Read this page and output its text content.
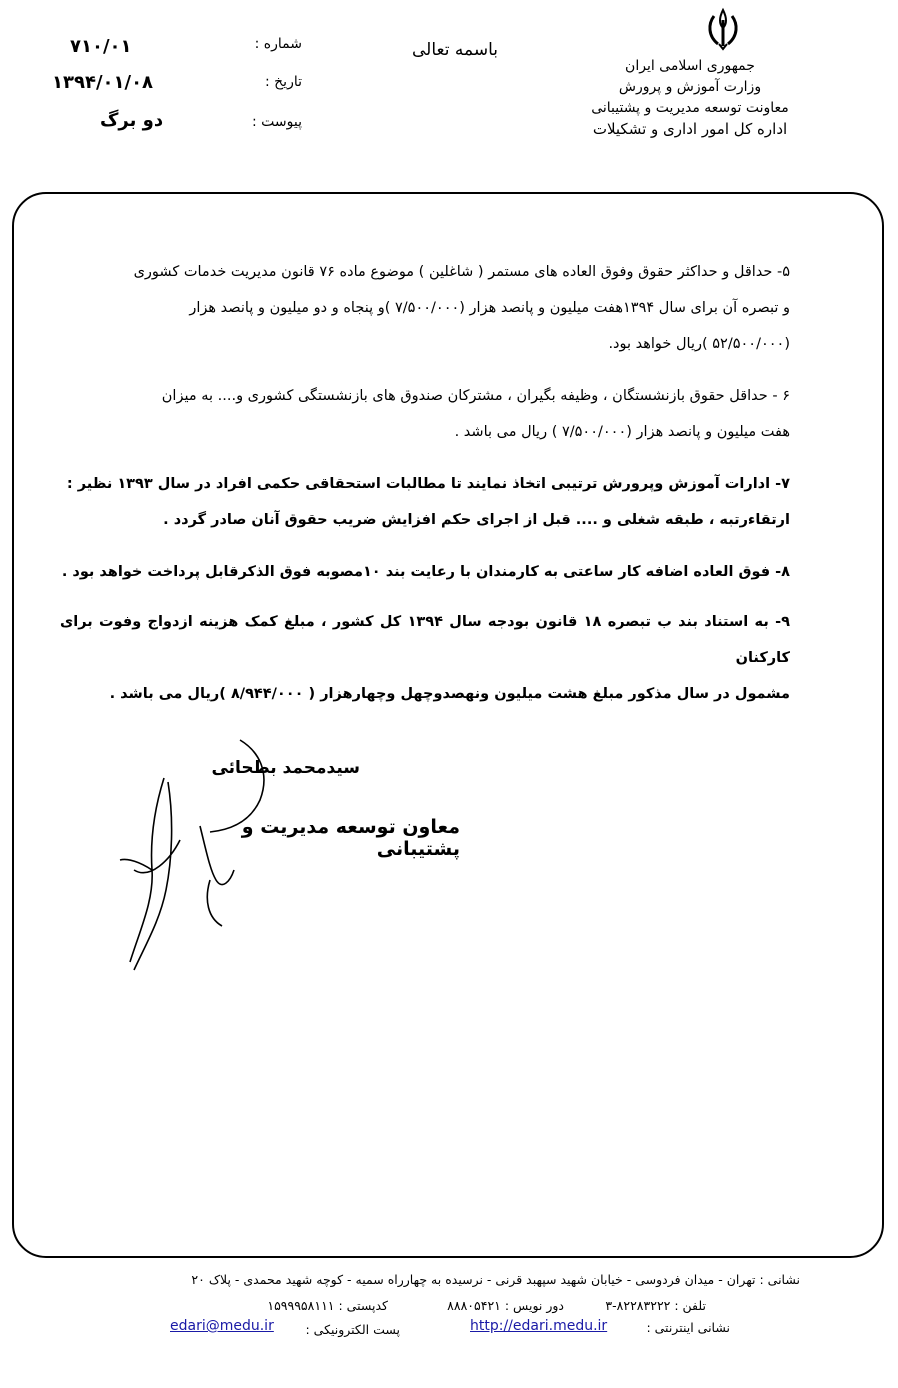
جمهوری اسلامی ایران
وزارت آموزش و پرورش
معاونت توسعه مدیریت و پشتیبانی
اداره کل امور اداری و تشکیلات
باسمه تعالی
شماره :
۷۱۰/۰۱
تاریخ :
۱۳۹۴/۰۱/۰۸
پیوست :
دو برگ
۵- حداقل و حداکثر حقوق وفوق العاده های مستمر ( شاغلین ) موضوع ماده ۷۶ قانون مدیریت خدمات کشوری
و تبصره آن برای سال ۱۳۹۴هفت میلیون و پانصد هزار (۷/۵۰۰/۰۰۰ )و پنجاه و دو میلیون و پانصد هزار
(۵۲/۵۰۰/۰۰۰ )ریال خواهد بود.
۶ - حداقل حقوق بازنشستگان ، وظیفه بگیران ، مشترکان صندوق های بازنشستگی کشوری و.... به میزان
هفت میلیون و پانصد هزار (۷/۵۰۰/۰۰۰ ) ریال می باشد .
۷- ادارات آموزش وپرورش ترتیبی اتخاذ نمایند تا مطالبات استحقاقی حکمی افراد در سال ۱۳۹۳ نظیر :
ارتقاءرتبه ، طبقه شغلی و .... قبل از اجرای حکم افزایش ضریب حقوق آنان صادر گردد .
۸- فوق العاده اضافه کار ساعتی به کارمندان با رعایت بند ۱۰مصوبه فوق الذکرقابل پرداخت خواهد بود .
۹- به استناد بند ب تبصره ۱۸ قانون بودجه سال ۱۳۹۴ کل کشور ، مبلغ کمک هزینه ازدواج وفوت برای کارکنان
مشمول در سال مذکور مبلغ هشت میلیون ونهصدوچهل وچهارهزار ( ۸/۹۴۴/۰۰۰ )ریال می باشد .
سیدمحمد بطحائی
معاون توسعه مدیریت و پشتیبانی
نشانی : تهران - میدان فردوسی - خیابان شهید سپهبد قرنی - نرسیده به چهارراه سمیه - کوچه شهید محمدی - پلاک ۲۰
تلفن : ۸۲۲۸۳۲۲۲-۳
دور نویس : ۸۸۸۰۵۴۲۱
کدپستی : ۱۵۹۹۹۵۸۱۱۱
نشانی اینترنتی :
http://edari.medu.ir
پست الکترونیکی :
edari@medu.ir
